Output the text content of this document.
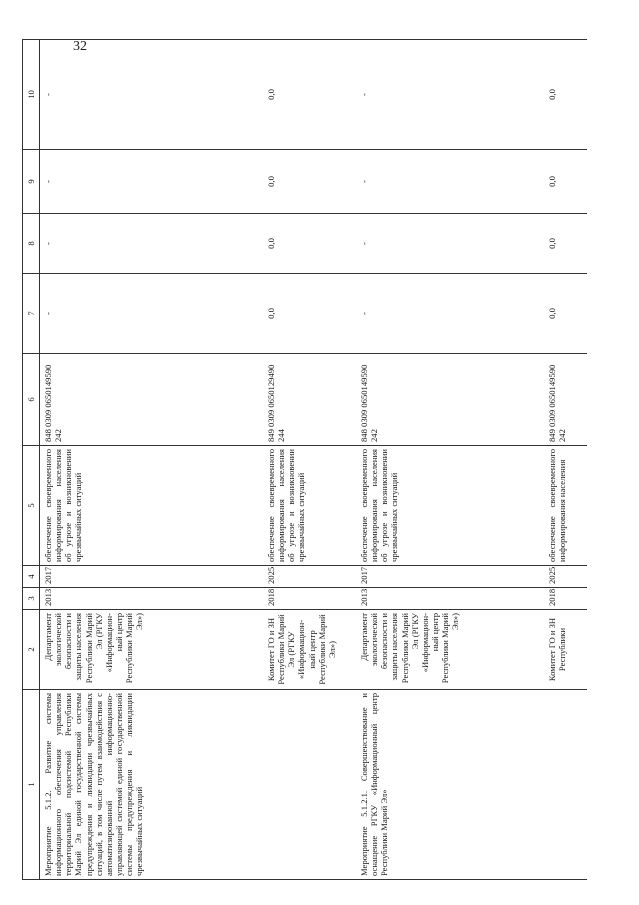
32
1	2	3	4	5	6	7	8	9	10
Мероприятие 5.1.2. Развитие системы информационного обеспечения управления территориальной подсистемой Республики Марий Эл единой государственной системы предупреждения и ликвидации чрезвычайных ситуаций, в том числе путем взаимодействия с автоматизированной информационно-управляющей системой единой государственной системы предупреждения и ликвидации чрезвычайных ситуаций	Департамент экологической безопасности и защиты населения Республики Марий Эл (РГКУ «Информацион-ный центр Республики Марий Эл»)	2013	2017	обеспечение своевременного информирования населения об угрозе и возникновении чрезвычайных ситуаций	848 0309 0650149590 242	-	-	-	-
	Комитет ГО и ЗН Республики Марий Эл (РГКУ «Информацион-ный центр Республики Марий Эл»)	2018	2025	обеспечение своевременного информирования населения об угрозе и возникновении чрезвычайных ситуаций	849 0309 0650129490 244	0,0	0,0	0,0	0,0
Мероприятие 5.1.2.1. Совершенствование и оснащение РГКУ «Информационный центр Республики Марий Эл»	Департамент экологической безопасности и защиты населения Республики Марий Эл (РГКУ «Информацион-ный центр Республики Марий Эл»)	2013	2017	обеспечение своевременного информирования населения об угрозе и возникновении чрезвычайных ситуаций	848 0309 0650149590 242	-	-	-	-
	Комитет ГО и ЗН Республики	2018	2025	обеспечение своевременного информирования населения	849 0309 0650149590 242	0,0	0,0	0,0	0,0
